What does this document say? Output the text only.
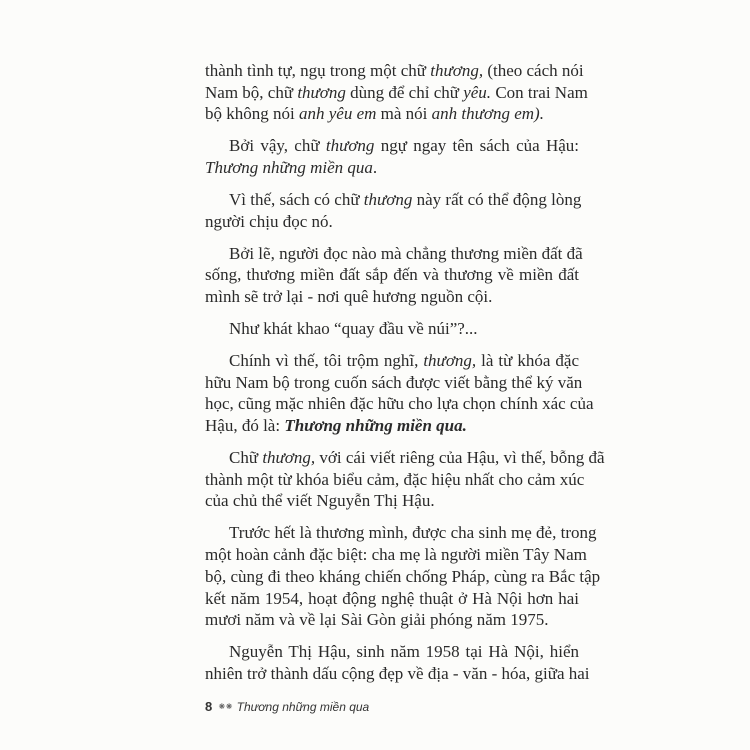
thành tình tự, ngụ trong một chữ thương, (theo cách nói
Nam bộ, chữ thương dùng để chỉ chữ yêu. Con trai Nam
bộ không nói anh yêu em mà nói anh thương em).
Bởi vậy, chữ thương ngự ngay tên sách của Hậu:
Thương những miền qua.
Vì thế, sách có chữ thương này rất có thể động lòng
người chịu đọc nó.
Bởi lẽ, người đọc nào mà chẳng thương miền đất đã
sống, thương miền đất sắp đến và thương về miền đất
mình sẽ trở lại - nơi quê hương nguồn cội.
Như khát khao “quay đầu về núi”?...
Chính vì thế, tôi trộm nghĩ, thương, là từ khóa đặc
hữu Nam bộ trong cuốn sách được viết bằng thể ký văn
học, cũng mặc nhiên đặc hữu cho lựa chọn chính xác của
Hậu, đó là: Thương những miền qua.
Chữ thương, với cái viết riêng của Hậu, vì thế, bỗng đã
thành một từ khóa biểu cảm, đặc hiệu nhất cho cảm xúc
của chủ thể viết Nguyễn Thị Hậu.
Trước hết là thương mình, được cha sinh mẹ đẻ, trong
một hoàn cảnh đặc biệt: cha mẹ là người miền Tây Nam
bộ, cùng đi theo kháng chiến chống Pháp, cùng ra Bắc tập
kết năm 1954, hoạt động nghệ thuật ở Hà Nội hơn hai
mươi năm và về lại Sài Gòn giải phóng năm 1975.
Nguyễn Thị Hậu, sinh năm 1958 tại Hà Nội, hiển
nhiên trở thành dấu cộng đẹp về địa - văn - hóa, giữa hai
8 ⁕⁕ Thương những miền qua
